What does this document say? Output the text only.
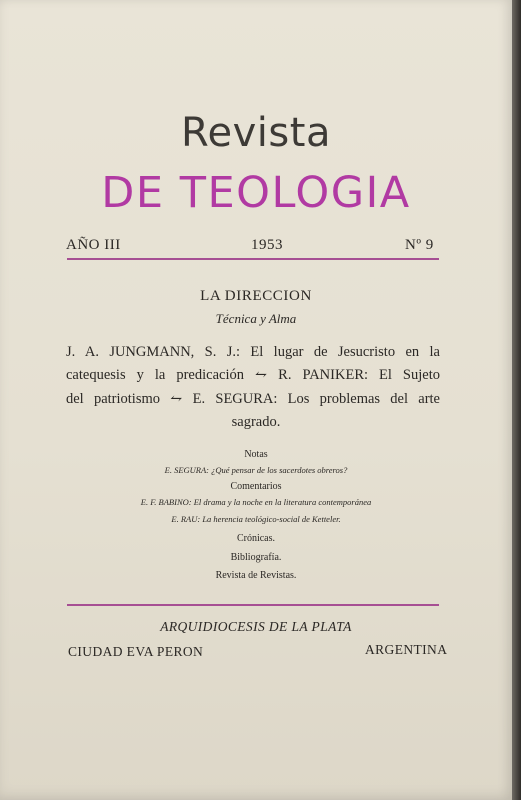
Revista
DE TEOLOGIA
AÑO III	1953	Nº 9
LA DIRECCION
Técnica y Alma
J. A. JUNGMANN, S. J.: El lugar de Jesucristo en la
catequesis y la predicación ⥊ R. PANIKER: El Sujeto
del patriotismo ⥊ E. SEGURA: Los problemas del arte
sagrado.
Notas
E. SEGURA: ¿Qué pensar de los sacerdotes obreros?
Comentarios
E. F. BABINO: El drama y la noche en la literatura contemporánea
E. RAU: La herencia teológico-social de Ketteler.
Crónicas.
Bibliografía.
Revista de Revistas.
ARQUIDIOCESIS DE LA PLATA
CIUDAD EVA PERON	ARGENTINA
